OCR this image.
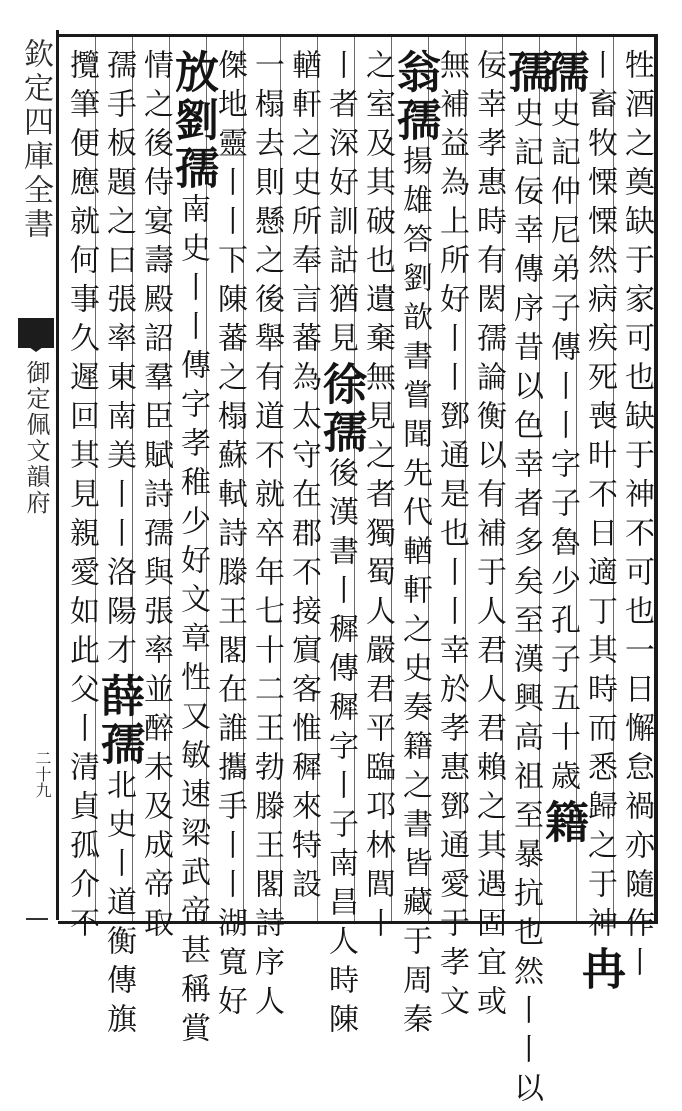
欽定四庫全書
御定佩文韻府
二十九	牲酒之奠缺于家可也缺于神不可也一日懈怠禍亦隨作丨
丨畜牧慄慄然病疾死喪旪不日適丁其時而悉歸之于神冉
孺史記仲尼弟子傳丨丨字子魯少孔子五十歳籍
孺史記佞幸傳序昔以色幸者多矣至漢興高祖至暴抗也然丨丨以
佞幸孝惠時有閎孺論衡以有補于人君人君賴之其遇固宜或
無補益為上所好丨丨鄧通是也丨丨幸於孝惠鄧通愛于孝文
翁孺揚雄答劉歆書嘗聞先代輶軒之史奏籍之書皆藏于周秦
之室及其破也遺棄無見之者獨蜀人嚴君平臨邛林閭丨
丨者深好訓詁猶見徐孺後漢書丨穉傳穉字丨子南昌人時陳
輶軒之史所奉言蕃為太守在郡不接賔客惟穉來特設
一榻去則懸之後舉有道不就卒年七十二王勃滕王閣詩序人
傑地靈丨丨下陳蕃之榻蘇軾詩滕王閣在誰攜手丨丨湖寬好
放劉孺南史丨丨傳字孝稚少好文章性又敏速梁武帝甚稱賞
情之後侍宴壽殿詔羣臣賦詩孺與張率並醉未及成帝取
孺手板題之曰張率東南美丨丨洛陽才薛孺北史丨道衡傳旗
攬筆便應就何事久遲回其見親愛如此父丨清貞孤介不
